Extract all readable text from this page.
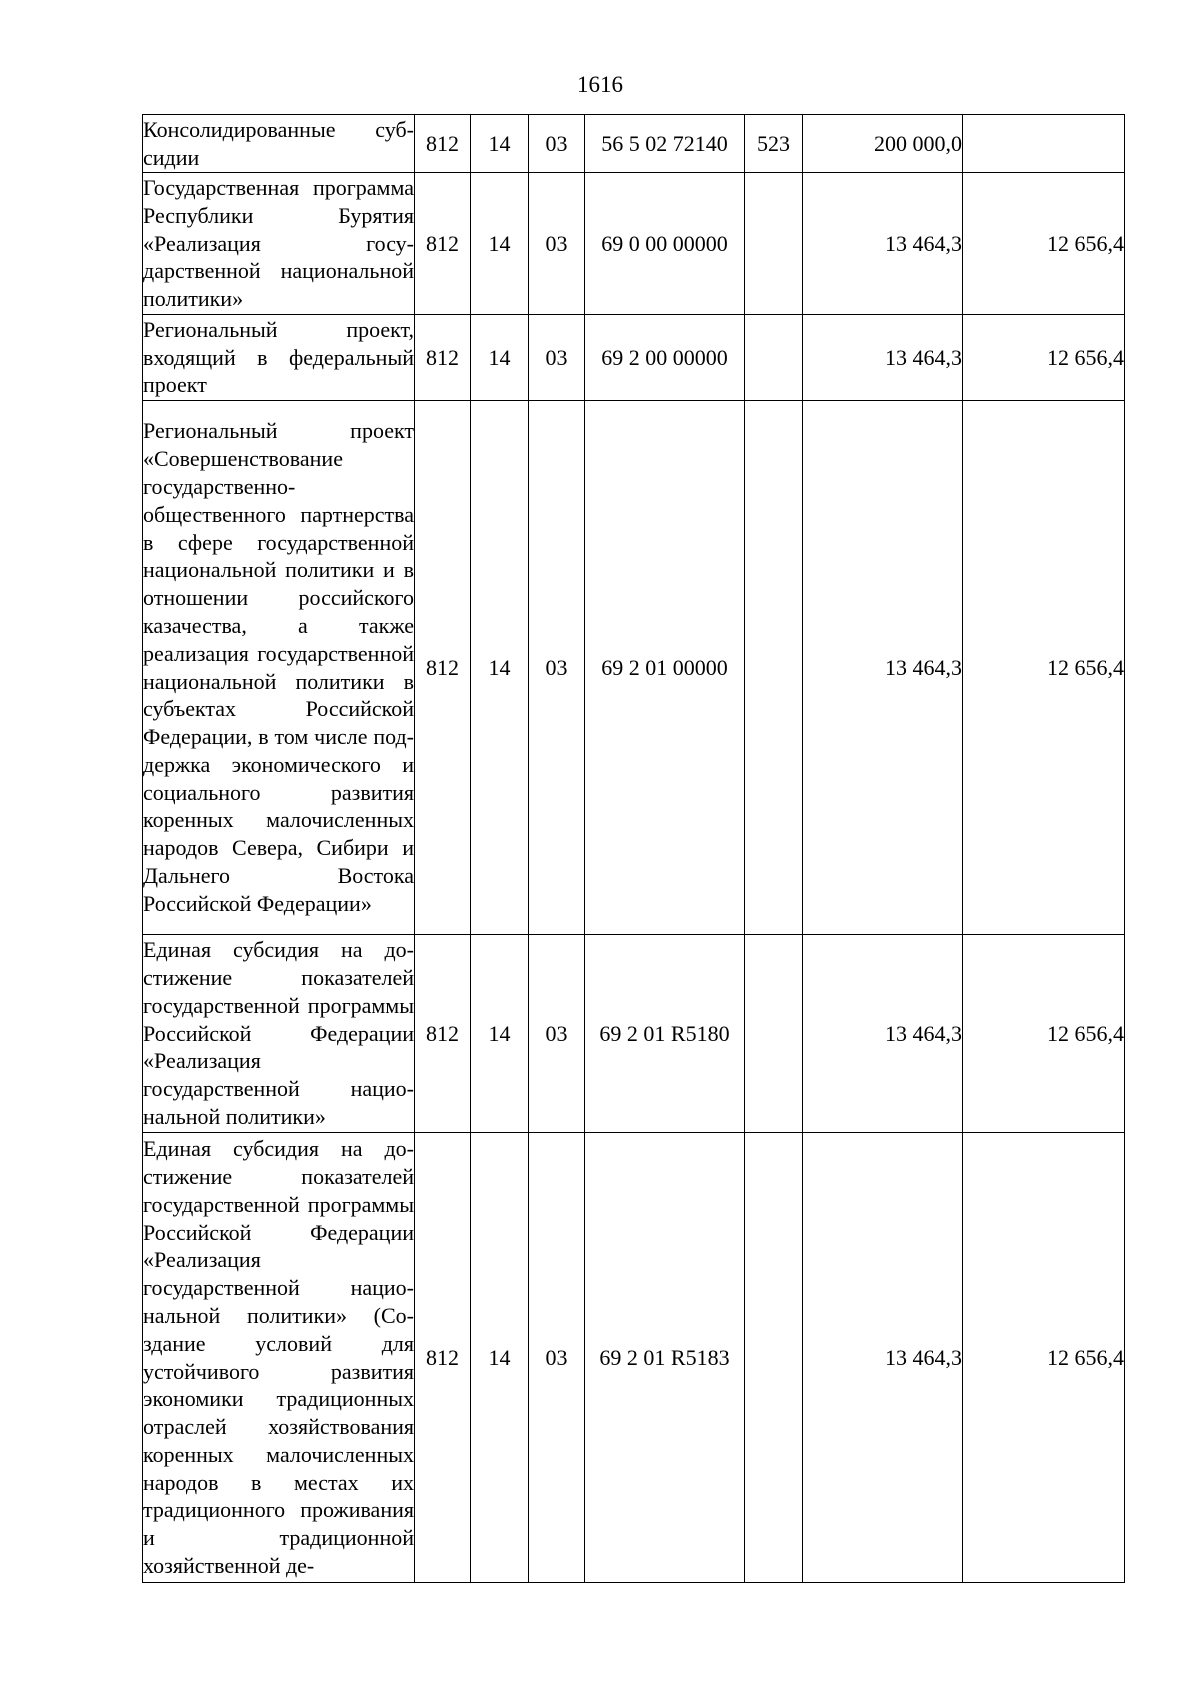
1616
Консолидированные субсидии	812	14	03	56 5 02 72140	523	200 000,0	
Государственная программа Республики Бурятия «Реализация государственной национальной политики»	812	14	03	69 0 00 00000		13 464,3	12 656,4
Региональный проект, входящий в федеральный проект	812	14	03	69 2 00 00000		13 464,3	12 656,4
Региональный проект «Совершенствование государственно-общественного партнерства в сфере государственной национальной политики и в отношении российского казачества, а также реализация государственной национальной политики в субъектах Российской Федерации, в том числе поддержка экономического и социального развития коренных малочисленных народов Севера, Сибири и Дальнего Востока Российской Федерации»	812	14	03	69 2 01 00000		13 464,3	12 656,4
Единая субсидия на достижение показателей государственной программы Российской Федерации «Реализация государственной национальной политики»	812	14	03	69 2 01 R5180		13 464,3	12 656,4
Единая субсидия на достижение показателей государственной программы Российской Федерации «Реализация государственной национальной политики» (Создание условий для устойчивого развития экономики традиционных отраслей хозяйствования коренных малочисленных народов в местах их традиционного проживания и традиционной хозяйственной де-	812	14	03	69 2 01 R5183		13 464,3	12 656,4
